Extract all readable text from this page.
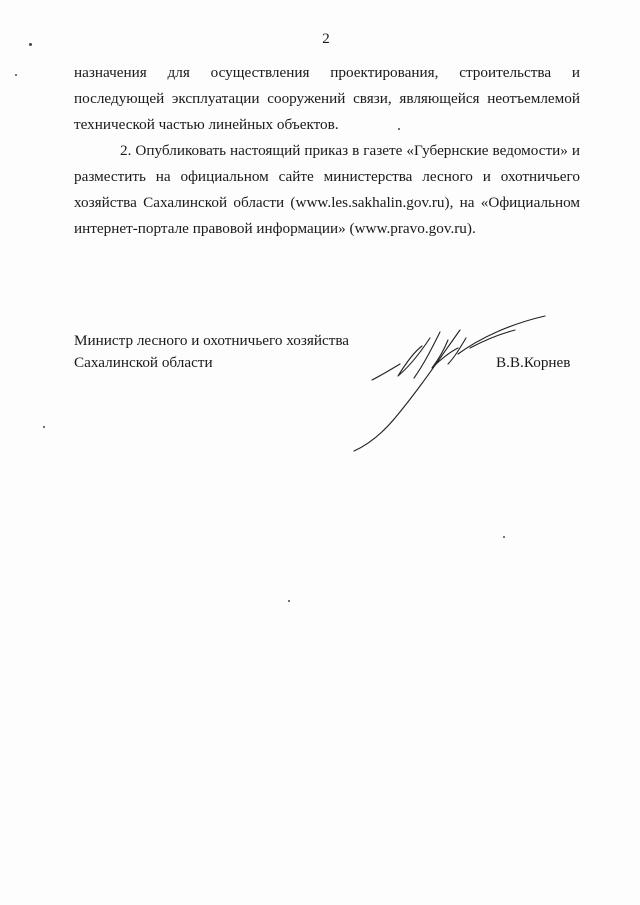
2

назначения для осуществления проектирования, строительства и последующей эксплуатации сооружений связи, являющейся неотъемлемой технической частью линейных объектов.

2. Опубликовать настоящий приказ в газете «Губернские ведомости» и разместить на официальном сайте министерства лесного и охотничьего хозяйства Сахалинской области (www.les.sakhalin.gov.ru), на «Официальном интернет-портале правовой информации» (www.pravo.gov.ru).

Министр лесного и охотничьего хозяйства
Сахалинской области	В.В.Корнев
